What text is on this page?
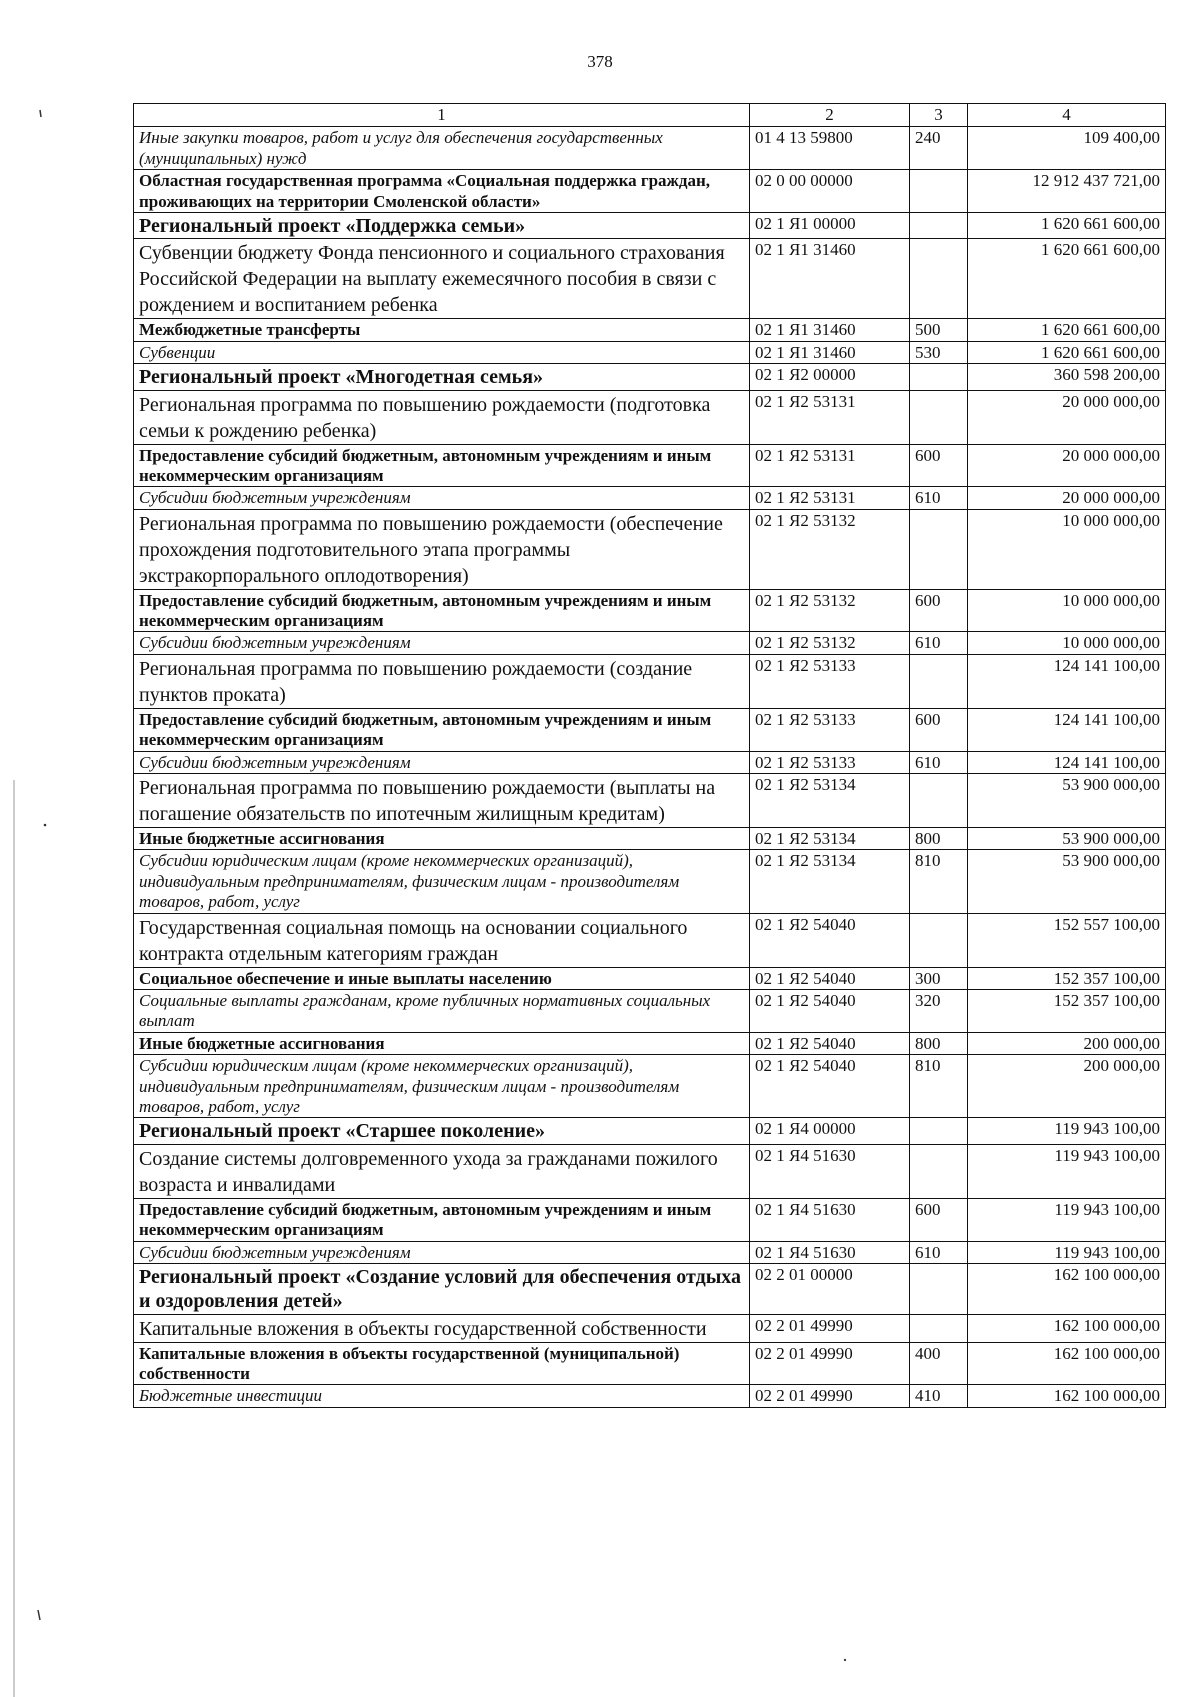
378
1	2	3	4
Иные закупки товаров, работ и услуг для обеспечения государственных (муниципальных) нужд	01 4 13 59800	240	109 400,00
Областная государственная программа «Социальная поддержка граждан, проживающих на территории Смоленской области»	02 0 00 00000		12 912 437 721,00
Региональный проект «Поддержка семьи»	02 1 Я1 00000		1 620 661 600,00
Субвенции бюджету Фонда пенсионного и социального страхования Российской Федерации на выплату ежемесячного пособия в связи с рождением и воспитанием ребенка	02 1 Я1 31460		1 620 661 600,00
Межбюджетные трансферты	02 1 Я1 31460	500	1 620 661 600,00
Субвенции	02 1 Я1 31460	530	1 620 661 600,00
Региональный проект «Многодетная семья»	02 1 Я2 00000		360 598 200,00
Региональная программа по повышению рождаемости (подготовка семьи к рождению ребенка)	02 1 Я2 53131		20 000 000,00
Предоставление субсидий бюджетным, автономным учреждениям и иным некоммерческим организациям	02 1 Я2 53131	600	20 000 000,00
Субсидии бюджетным учреждениям	02 1 Я2 53131	610	20 000 000,00
Региональная программа по повышению рождаемости (обеспечение прохождения подготовительного этапа программы экстракорпорального оплодотворения)	02 1 Я2 53132		10 000 000,00
Предоставление субсидий бюджетным, автономным учреждениям и иным некоммерческим организациям	02 1 Я2 53132	600	10 000 000,00
Субсидии бюджетным учреждениям	02 1 Я2 53132	610	10 000 000,00
Региональная программа по повышению рождаемости (создание пунктов проката)	02 1 Я2 53133		124 141 100,00
Предоставление субсидий бюджетным, автономным учреждениям и иным некоммерческим организациям	02 1 Я2 53133	600	124 141 100,00
Субсидии бюджетным учреждениям	02 1 Я2 53133	610	124 141 100,00
Региональная программа по повышению рождаемости (выплаты на погашение обязательств по ипотечным жилищным кредитам)	02 1 Я2 53134		53 900 000,00
Иные бюджетные ассигнования	02 1 Я2 53134	800	53 900 000,00
Субсидии юридическим лицам (кроме некоммерческих организаций), индивидуальным предпринимателям, физическим лицам - производителям товаров, работ, услуг	02 1 Я2 53134	810	53 900 000,00
Государственная социальная помощь на основании социального контракта отдельным категориям граждан	02 1 Я2 54040		152 557 100,00
Социальное обеспечение и иные выплаты населению	02 1 Я2 54040	300	152 357 100,00
Социальные выплаты гражданам, кроме публичных нормативных социальных выплат	02 1 Я2 54040	320	152 357 100,00
Иные бюджетные ассигнования	02 1 Я2 54040	800	200 000,00
Субсидии юридическим лицам (кроме некоммерческих организаций), индивидуальным предпринимателям, физическим лицам - производителям товаров, работ, услуг	02 1 Я2 54040	810	200 000,00
Региональный проект «Старшее поколение»	02 1 Я4 00000		119 943 100,00
Создание системы долговременного ухода за гражданами пожилого возраста и инвалидами	02 1 Я4 51630		119 943 100,00
Предоставление субсидий бюджетным, автономным учреждениям и иным некоммерческим организациям	02 1 Я4 51630	600	119 943 100,00
Субсидии бюджетным учреждениям	02 1 Я4 51630	610	119 943 100,00
Региональный проект «Создание условий для обеспечения отдыха и оздоровления детей»	02 2 01 00000		162 100 000,00
Капитальные вложения в объекты государственной собственности	02 2 01 49990		162 100 000,00
Капитальные вложения в объекты государственной (муниципальной) собственности	02 2 01 49990	400	162 100 000,00
Бюджетные инвестиции	02 2 01 49990	410	162 100 000,00
